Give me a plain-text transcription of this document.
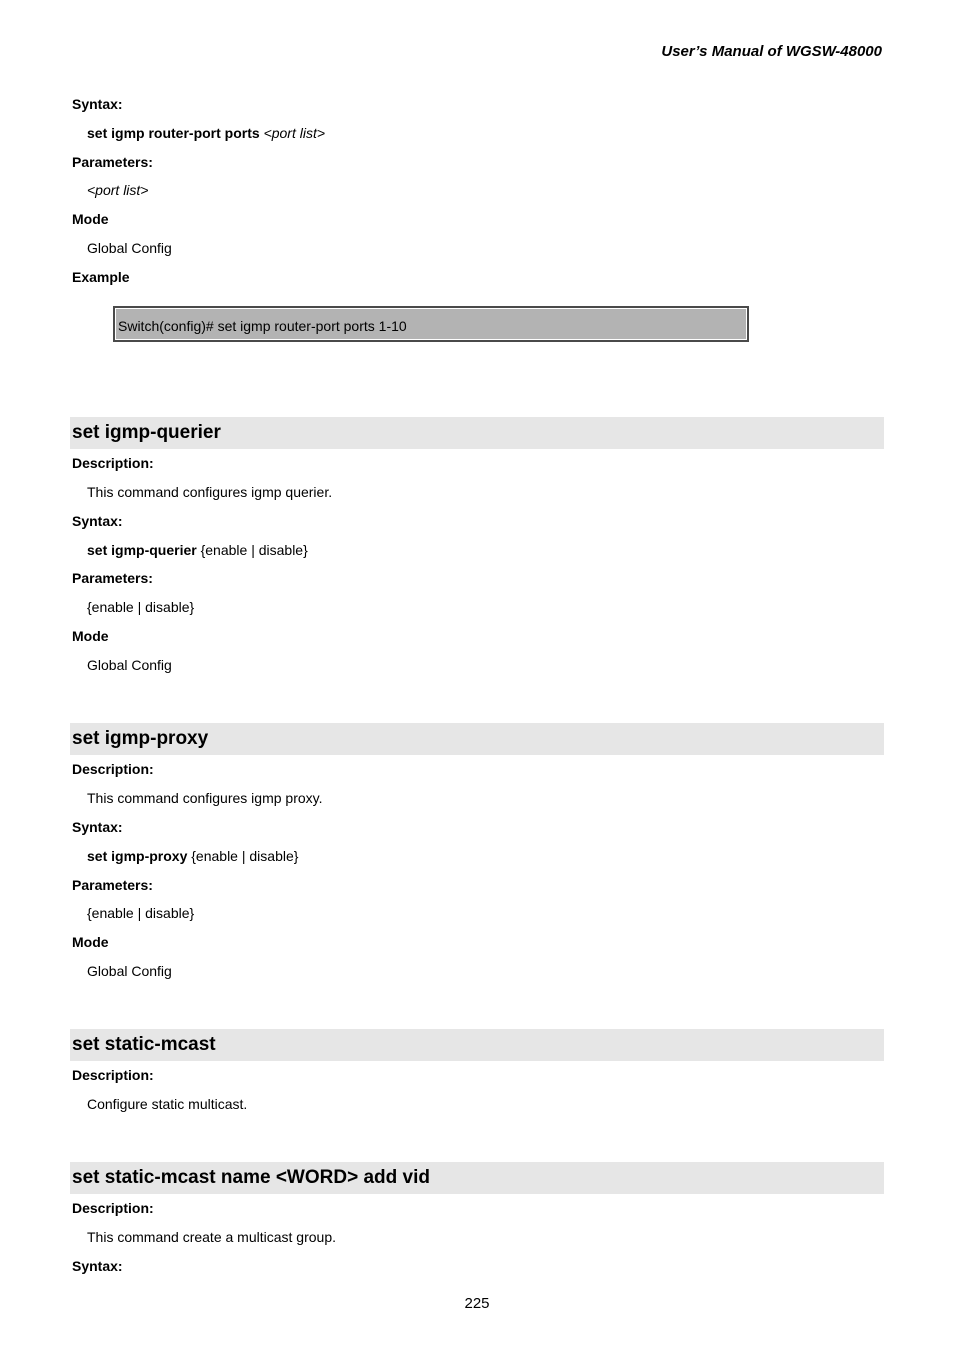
User’s Manual of WGSW-48000
Syntax:
set igmp router-port ports <port list>
Parameters:
<port list>
Mode
Global Config
Example
Switch(config)# set igmp router-port ports 1-10
set igmp-querier
Description:
This command configures igmp querier.
Syntax:
set igmp-querier {enable | disable}
Parameters:
{enable | disable}
Mode
Global Config
set igmp-proxy
Description:
This command configures igmp proxy.
Syntax:
set igmp-proxy {enable | disable}
Parameters:
{enable | disable}
Mode
Global Config
set static-mcast
Description:
Configure static multicast.
set static-mcast name <WORD> add vid
Description:
This command create a multicast group.
Syntax:
225
